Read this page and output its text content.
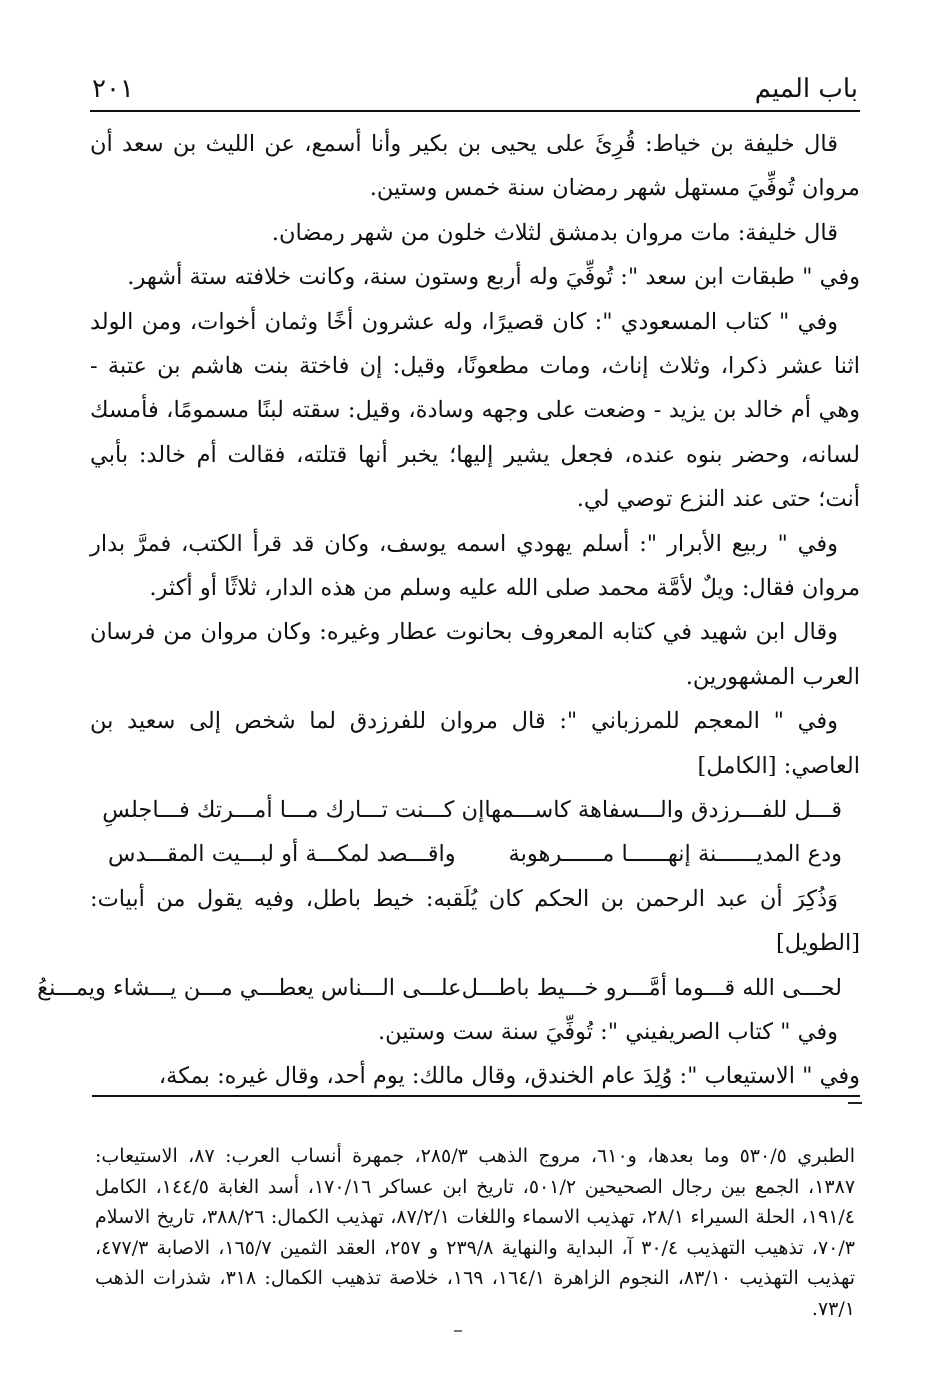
باب الميم
٢٠١

قال خليفة بن خياط: قُرِئَ على يحيى بن بكير وأنا أسمع، عن الليث بن سعد أن مروان تُوفِّيَ مستهل شهر رمضان سنة خمس وستين.

قال خليفة: مات مروان بدمشق لثلاث خلون من شهر رمضان.

وفي " طبقات ابن سعد ": تُوفِّيَ وله أربع وستون سنة، وكانت خلافته ستة أشهر.

وفي " كتاب المسعودي ": كان قصيرًا، وله عشرون أخًا وثمان أخوات، ومن الولد اثنا عشر ذكرا، وثلاث إناث، ومات مطعونًا، وقيل: إن فاختة بنت هاشم بن عتبة - وهي أم خالد بن يزيد - وضعت على وجهه وسادة، وقيل: سقته لبنًا مسمومًا، فأمسك لسانه، وحضر بنوه عنده، فجعل يشير إليها؛ يخبر أنها قتلته، فقالت أم خالد: بأبي أنت؛ حتى عند النزع توصي لي.

وفي " ربيع الأبرار ": أسلم يهودي اسمه يوسف، وكان قد قرأ الكتب، فمرَّ بدار مروان فقال: ويلٌ لأمَّة محمد صلى الله عليه وسلم من هذه الدار، ثلاثًا أو أكثر.

وقال ابن شهيد في كتابه المعروف بحانوت عطار وغيره: وكان مروان من فرسان العرب المشهورين.

وفي " المعجم للمرزباني ": قال مروان للفرزدق لما شخص إلى سعيد بن العاصي: [الكامل]

قـــل للفـــرزدق والـــسفاهة كاســـمها
إن كـــنت تـــارك مـــا أمـــرتك فـــاجلسِ
ودع المديــــــنة إنهــــــا مــــــرهوبة
واقـــصد لمكـــة أو لبـــيت المقـــدس

وَذُكِرَ أن عبد الرحمن بن الحكم كان يُلَقبه: خيط باطل، وفيه يقول من أبيات: [الطويل]

لحـــى الله قـــوما أمَّـــرو خـــيط باطـــل
علـــى الـــناس يعطـــي مـــن يـــشاء ويمـــنعُ

وفي " كتاب الصريفيني ": تُوفِّيَ سنة ست وستين.

وفي " الاستيعاب ": وُلِدَ عام الخندق، وقال مالك: يوم أحد، وقال غيره: بمكة،

الطبري ٥٣٠/٥ وما بعدها، و٦١٠، مروج الذهب ٢٨٥/٣، جمهرة أنساب العرب: ٨٧، الاستيعاب: ١٣٨٧، الجمع بين رجال الصحيحين ٥٠١/٢، تاريخ ابن عساكر ١٧٠/١٦، أسد الغابة ١٤٤/٥، الكامل ١٩١/٤، الحلة السيراء ٢٨/١، تهذيب الاسماء واللغات ٨٧/٢/١، تهذيب الكمال: ٣٨٨/٢٦، تاريخ الاسلام ٧٠/٣، تذهيب التهذيب ٣٠/٤ آ، البداية والنهاية ٢٣٩/٨ و ٢٥٧، العقد الثمين ١٦٥/٧، الاصابة ٤٧٧/٣، تهذيب التهذيب ٨٣/١٠، النجوم الزاهرة ١٦٤/١، ١٦٩، خلاصة تذهيب الكمال: ٣١٨، شذرات الذهب ٧٣/١.
